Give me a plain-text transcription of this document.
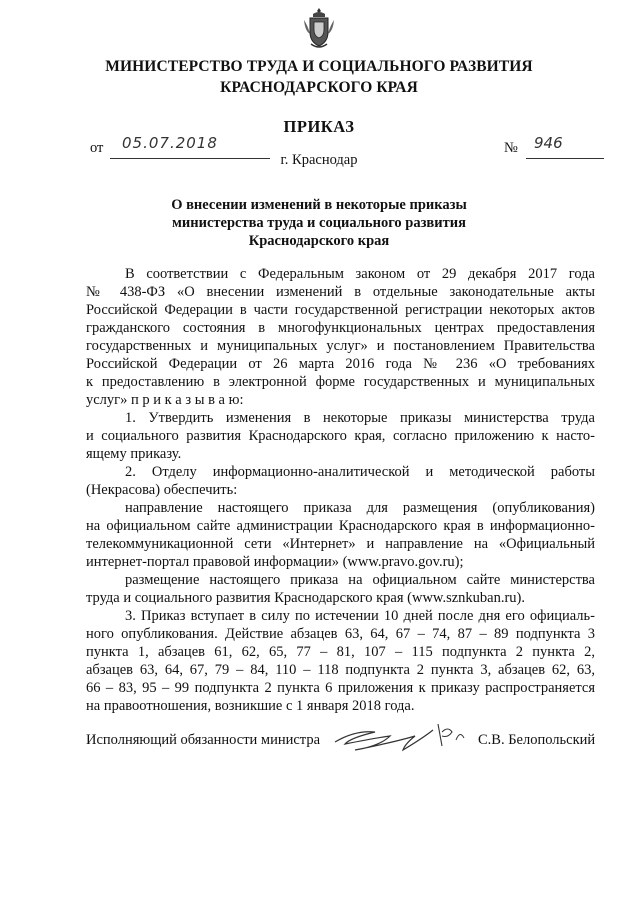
МИНИСТЕРСТВО ТРУДА И СОЦИАЛЬНОГО РАЗВИТИЯ
КРАСНОДАРСКОГО КРАЯ
ПРИКАЗ
от 05.07.2018	№ 946
г. Краснодар
О внесении изменений в некоторые приказы
министерства труда и социального развития
Краснодарского края
В соответствии с Федеральным законом от 29 декабря 2017 года
№ 438-ФЗ «О внесении изменений в отдельные законодательные акты
Российской Федерации в части государственной регистрации некоторых актов
гражданского состояния в многофункциональных центрах предоставления
государственных и муниципальных услуг» и постановлением Правительства
Российской Федерации от 26 марта 2016 года № 236 «О требованиях
к предоставлению в электронной форме государственных и муниципальных
услуг» п р и к а з ы в а ю:
1. Утвердить изменения в некоторые приказы министерства труда
и социального развития Краснодарского края, согласно приложению к насто-
ящему приказу.
2. Отделу информационно-аналитической и методической работы
(Некрасова) обеспечить:
направление настоящего приказа для размещения (опубликования)
на официальном сайте администрации Краснодарского края в информационно-
телекоммуникационной сети «Интернет» и направление на «Официальный
интернет-портал правовой информации» (www.pravo.gov.ru);
размещение настоящего приказа на официальном сайте министерства
труда и социального развития Краснодарского края (www.sznkuban.ru).
3. Приказ вступает в силу по истечении 10 дней после дня его официаль-
ного опубликования. Действие абзацев 63, 64, 67 – 74, 87 – 89 подпункта 3
пункта 1, абзацев 61, 62, 65, 77 – 81, 107 – 115 подпункта 2 пункта 2,
абзацев 63, 64, 67, 79 – 84, 110 – 118 подпункта 2 пункта 3, абзацев 62, 63,
66 – 83, 95 – 99 подпункта 2 пункта 6 приложения к приказу распространяется
на правоотношения, возникшие с 1 января 2018 года.
Исполняющий обязанности министра	С.В. Белопольский
